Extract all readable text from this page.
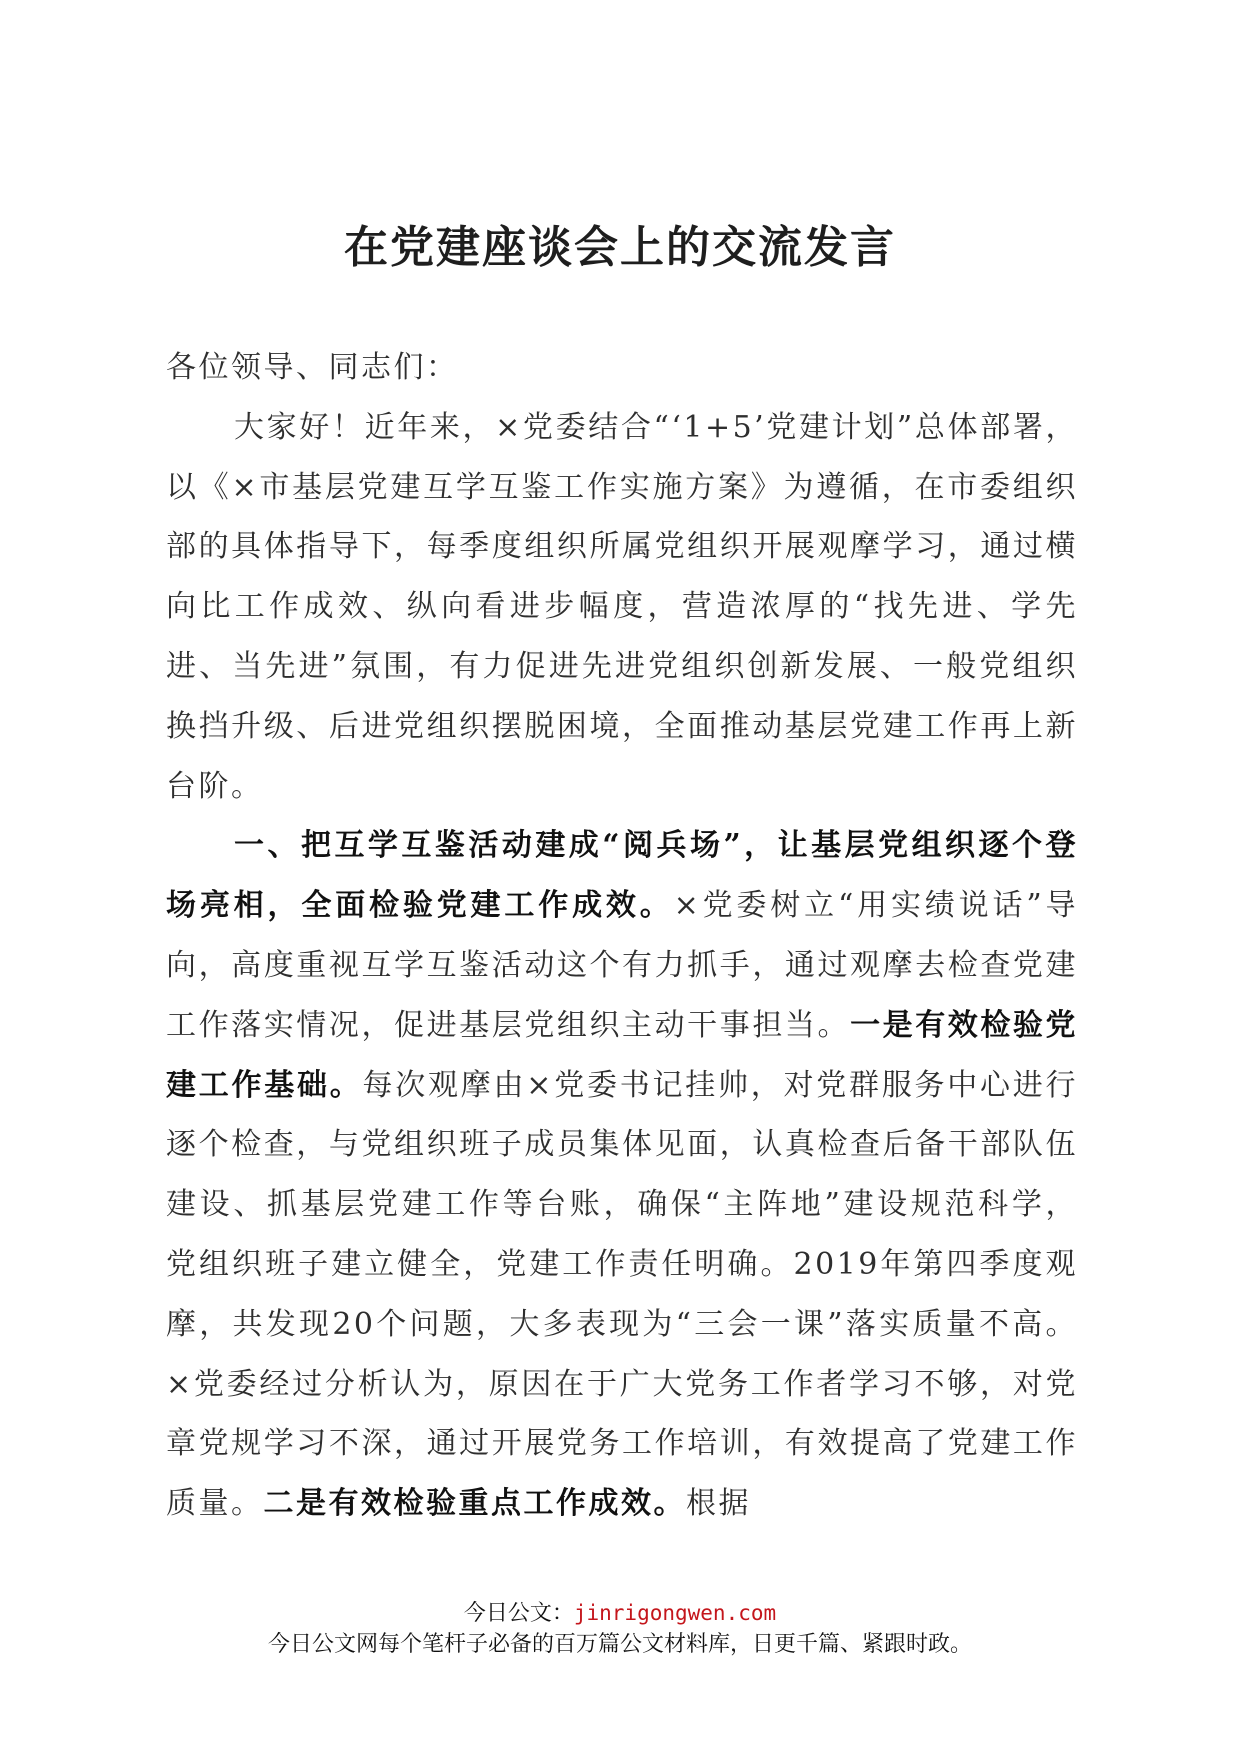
在党建座谈会上的交流发言

各位领导、同志们：

大家好！近年来，×党委结合“‘1+5’党建计划”总体部署，以《×市基层党建互学互鉴工作实施方案》为遵循，在市委组织部的具体指导下，每季度组织所属党组织开展观摩学习，通过横向比工作成效、纵向看进步幅度，营造浓厚的“找先进、学先进、当先进”氛围，有力促进先进党组织创新发展、一般党组织换挡升级、后进党组织摆脱困境，全面推动基层党建工作再上新台阶。

一、把互学互鉴活动建成“阅兵场”，让基层党组织逐个登场亮相，全面检验党建工作成效。×党委树立“用实绩说话”导向，高度重视互学互鉴活动这个有力抓手，通过观摩去检查党建工作落实情况，促进基层党组织主动干事担当。一是有效检验党建工作基础。每次观摩由×党委书记挂帅，对党群服务中心进行逐个检查，与党组织班子成员集体见面，认真检查后备干部队伍建设、抓基层党建工作等台账，确保“主阵地”建设规范科学，党组织班子建立健全，党建工作责任明确。2019年第四季度观摩，共发现20个问题，大多表现为“三会一课”落实质量不高。×党委经过分析认为，原因在于广大党务工作者学习不够，对党章党规学习不深，通过开展党务工作培训，有效提高了党建工作质量。二是有效检验重点工作成效。根据

今日公文：jinrigongwen.com
今日公文网每个笔杆子必备的百万篇公文材料库，日更千篇、紧跟时政。
